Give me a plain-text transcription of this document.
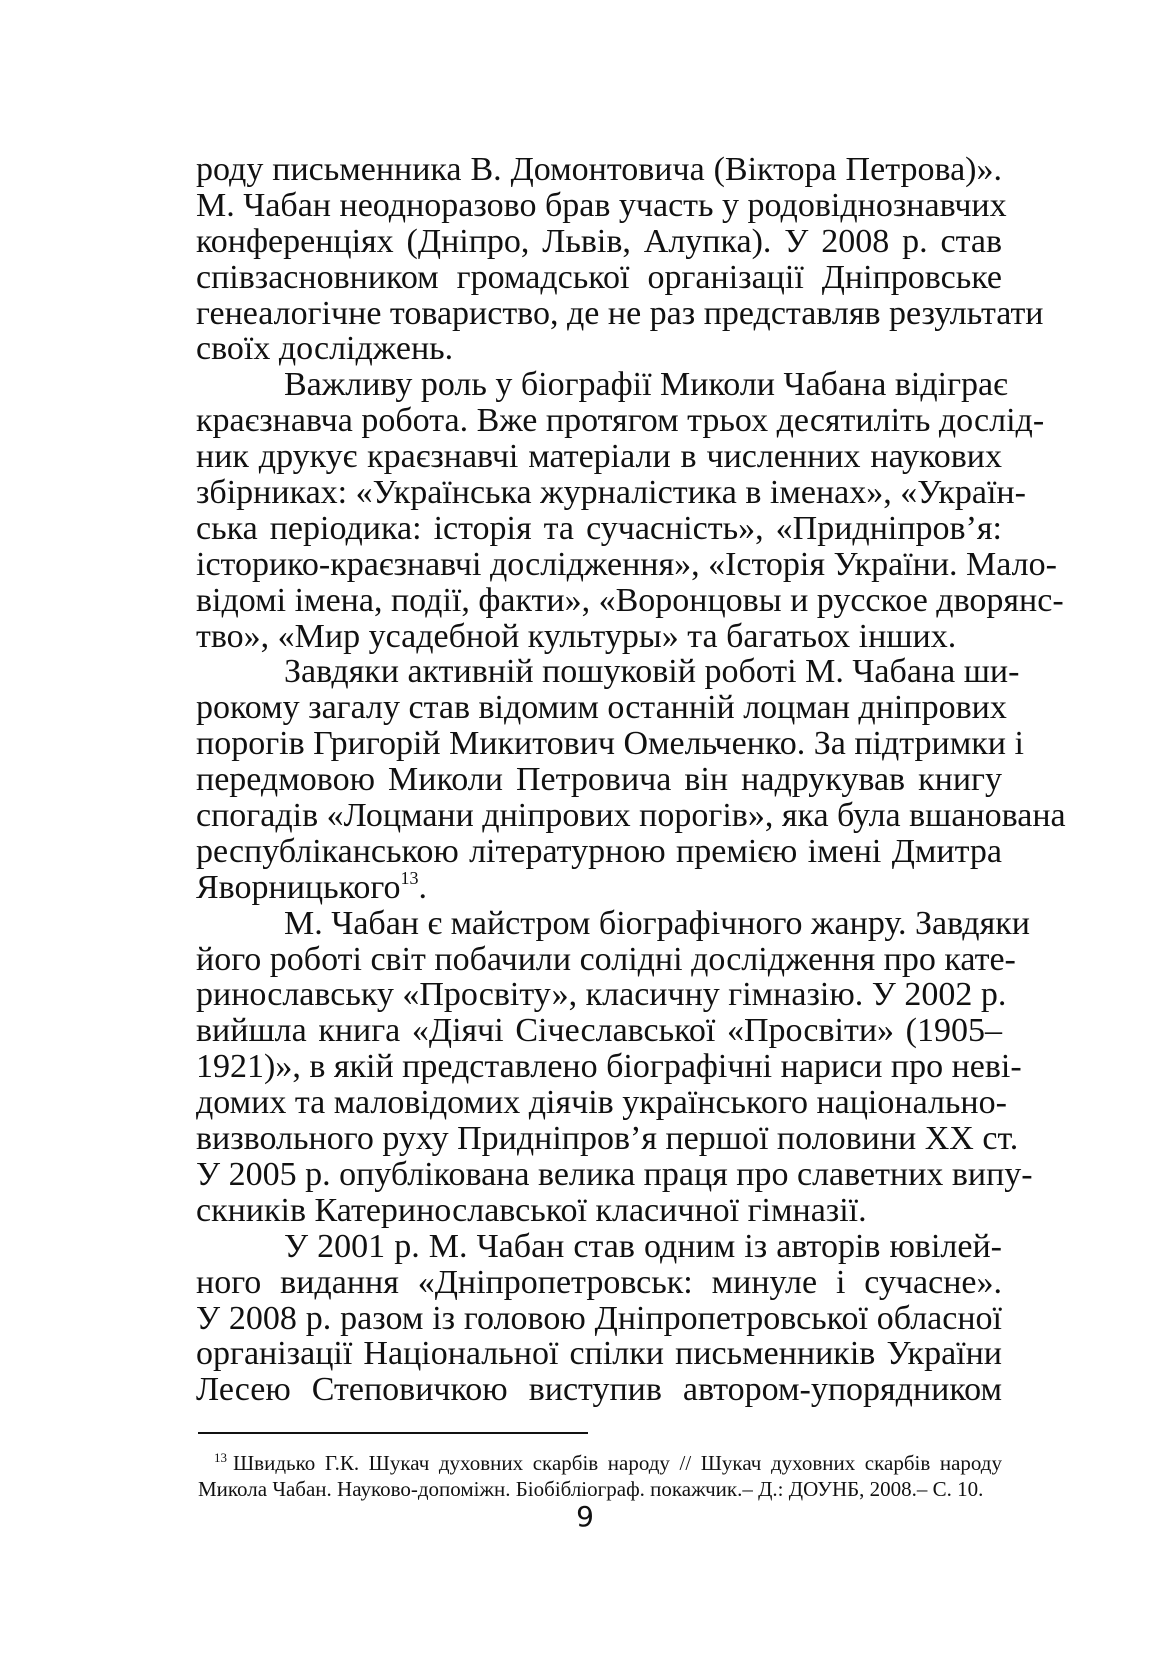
роду письменника В. Домонтовича (Віктора Петрова)».
М. Чабан неодноразово брав участь у родовіднознавчих
конференціях (Дніпро, Львів, Алупка). У 2008 р. став
співзасновником громадської організації Дніпровське
генеалогічне товариство, де не раз представляв результати
своїх досліджень.
Важливу роль у біографії Миколи Чабана відіграє
краєзнавча робота. Вже протягом трьох десятиліть дослід-
ник друкує краєзнавчі матеріали в численних наукових
збірниках: «Українська журналістика в іменах», «Україн-
ська періодика: історія та сучасність», «Придніпров’я:
історико-краєзнавчі дослідження», «Історія України. Мало-
відомі імена, події, факти», «Воронцовы и русское дворянс-
тво», «Мир усадебной культуры» та багатьох інших.
Завдяки активній пошуковій роботі М. Чабана ши-
рокому загалу став відомим останній лоцман дніпрових
порогів Григорій Микитович Омельченко. За підтримки і
передмовою Миколи Петровича він надрукував книгу
спогадів «Лоцмани дніпрових порогів», яка була вшанована
республіканською літературною премією імені Дмитра
Яворницького$^{13}$.
М. Чабан є майстром біографічного жанру. Завдяки
його роботі світ побачили солідні дослідження про кате-
ринославську «Просвіту», класичну гімназію. У 2002 р.
вийшла книга «Діячі Січеславської «Просвіти» (1905–
1921)», в якій представлено біографічні нариси про неві-
домих та маловідомих діячів українського національно-
визвольного руху Придніпров’я першої половини ХХ ст.
У 2005 р. опублікована велика праця про славетних випу-
скників Катеринославської класичної гімназії.
У 2001 р. М. Чабан став одним із авторів ювілей-
ного видання «Дніпропетровськ: минуле і сучасне».
У 2008 р. разом із головою Дніпропетровської обласної
організації Національної спілки письменників України
Лесею Степовичкою виступив автором-упорядником
$^{13}$ Швидько Г.К. Шукач духовних скарбів народу // Шукач духовних скарбів народу
Микола Чабан. Науково-допоміжн. Біобібліограф. покажчик.– Д.: ДОУНБ, 2008.– С. 10.
9
